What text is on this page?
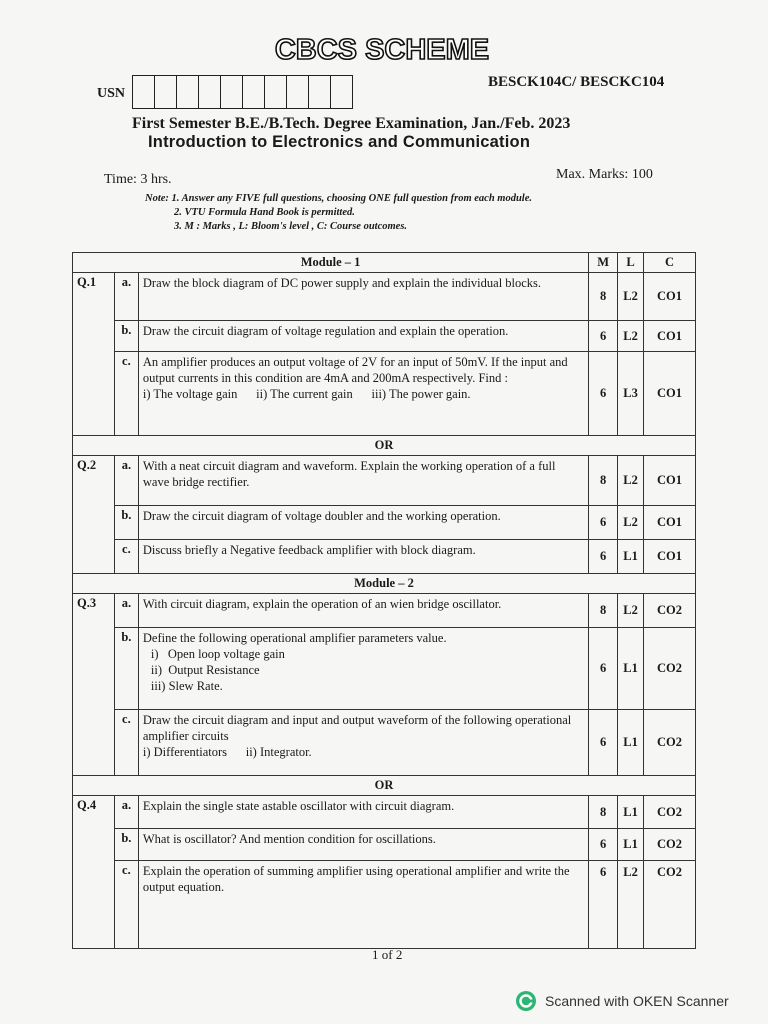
CBCS SCHEME
USN
BESCK104C/ BESCKC104
First Semester B.E./B.Tech. Degree Examination, Jan./Feb. 2023
Introduction to Electronics and Communication
Time: 3 hrs.	Max. Marks: 100
Note: 1. Answer any FIVE full questions, choosing ONE full question from each module.
2. VTU Formula Hand Book is permitted.
3. M : Marks , L: Bloom's level , C: Course outcomes.
Module – 1			M	L	C
Q.1	a.	Draw the block diagram of DC power supply and explain the individual blocks.	8	L2	CO1
	b.	Draw the circuit diagram of voltage regulation and explain the operation.	6	L2	CO1
	c.	An amplifier produces an output voltage of 2V for an input of 50mV. If the input and output currents in this condition are 4mA and 200mA respectively. Find :
i) The voltage gain      ii) The current gain      iii) The power gain.	6	L3	CO1
OR					
Q.2	a.	With a neat circuit diagram and waveform. Explain the working operation of a full wave bridge rectifier.	8	L2	CO1
	b.	Draw the circuit diagram of voltage doubler and the working operation.	6	L2	CO1
	c.	Discuss briefly a Negative feedback amplifier with block diagram.	6	L1	CO1
Module – 2					
Q.3	a.	With circuit diagram, explain the operation of an wien bridge oscillator.	8	L2	CO2
	b.	Define the following operational amplifier parameters value.
i)   Open loop voltage gain
ii)  Output Resistance
iii) Slew Rate.	6	L1	CO2
	c.	Draw the circuit diagram and input and output waveform of the following operational amplifier circuits
i) Differentiators      ii) Integrator.	6	L1	CO2
OR					
Q.4	a.	Explain the single state astable oscillator with circuit diagram.	8	L1	CO2
	b.	What is oscillator? And mention condition for oscillations.	6	L1	CO2
	c.	Explain the operation of summing amplifier using operational amplifier and write the output equation.	6	L2	CO2
1 of 2
Scanned with OKEN Scanner
